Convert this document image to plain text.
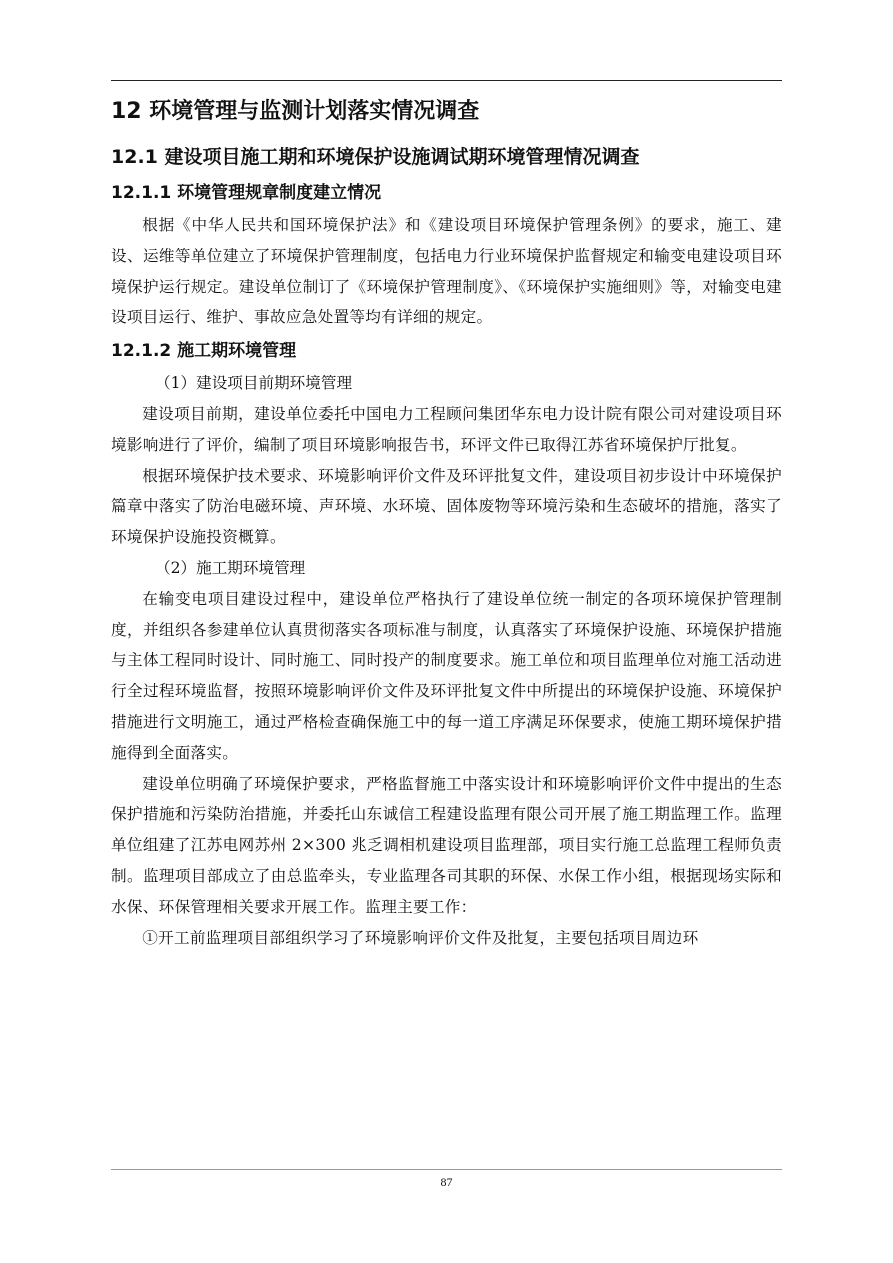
12 环境管理与监测计划落实情况调查
12.1 建设项目施工期和环境保护设施调试期环境管理情况调查
12.1.1 环境管理规章制度建立情况

根据《中华人民共和国环境保护法》和《建设项目环境保护管理条例》的要求，施工、建设、运维等单位建立了环境保护管理制度，包括电力行业环境保护监督规定和输变电建设项目环境保护运行规定。建设单位制订了《环境保护管理制度》、《环境保护实施细则》等，对输变电建设项目运行、维护、事故应急处置等均有详细的规定。

12.1.2 施工期环境管理

（1）建设项目前期环境管理

建设项目前期，建设单位委托中国电力工程顾问集团华东电力设计院有限公司对建设项目环境影响进行了评价，编制了项目环境影响报告书，环评文件已取得江苏省环境保护厅批复。

根据环境保护技术要求、环境影响评价文件及环评批复文件，建设项目初步设计中环境保护篇章中落实了防治电磁环境、声环境、水环境、固体废物等环境污染和生态破坏的措施，落实了环境保护设施投资概算。

（2）施工期环境管理

在输变电项目建设过程中，建设单位严格执行了建设单位统一制定的各项环境保护管理制度，并组织各参建单位认真贯彻落实各项标准与制度，认真落实了环境保护设施、环境保护措施与主体工程同时设计、同时施工、同时投产的制度要求。施工单位和项目监理单位对施工活动进行全过程环境监督，按照环境影响评价文件及环评批复文件中所提出的环境保护设施、环境保护措施进行文明施工，通过严格检查确保施工中的每一道工序满足环保要求，使施工期环境保护措施得到全面落实。

建设单位明确了环境保护要求，严格监督施工中落实设计和环境影响评价文件中提出的生态保护措施和污染防治措施，并委托山东诚信工程建设监理有限公司开展了施工期监理工作。监理单位组建了江苏电网苏州 2×300 兆乏调相机建设项目监理部，项目实行施工总监理工程师负责制。监理项目部成立了由总监牵头，专业监理各司其职的环保、水保工作小组，根据现场实际和水保、环保管理相关要求开展工作。监理主要工作：

①开工前监理项目部组织学习了环境影响评价文件及批复，主要包括项目周边环

87
